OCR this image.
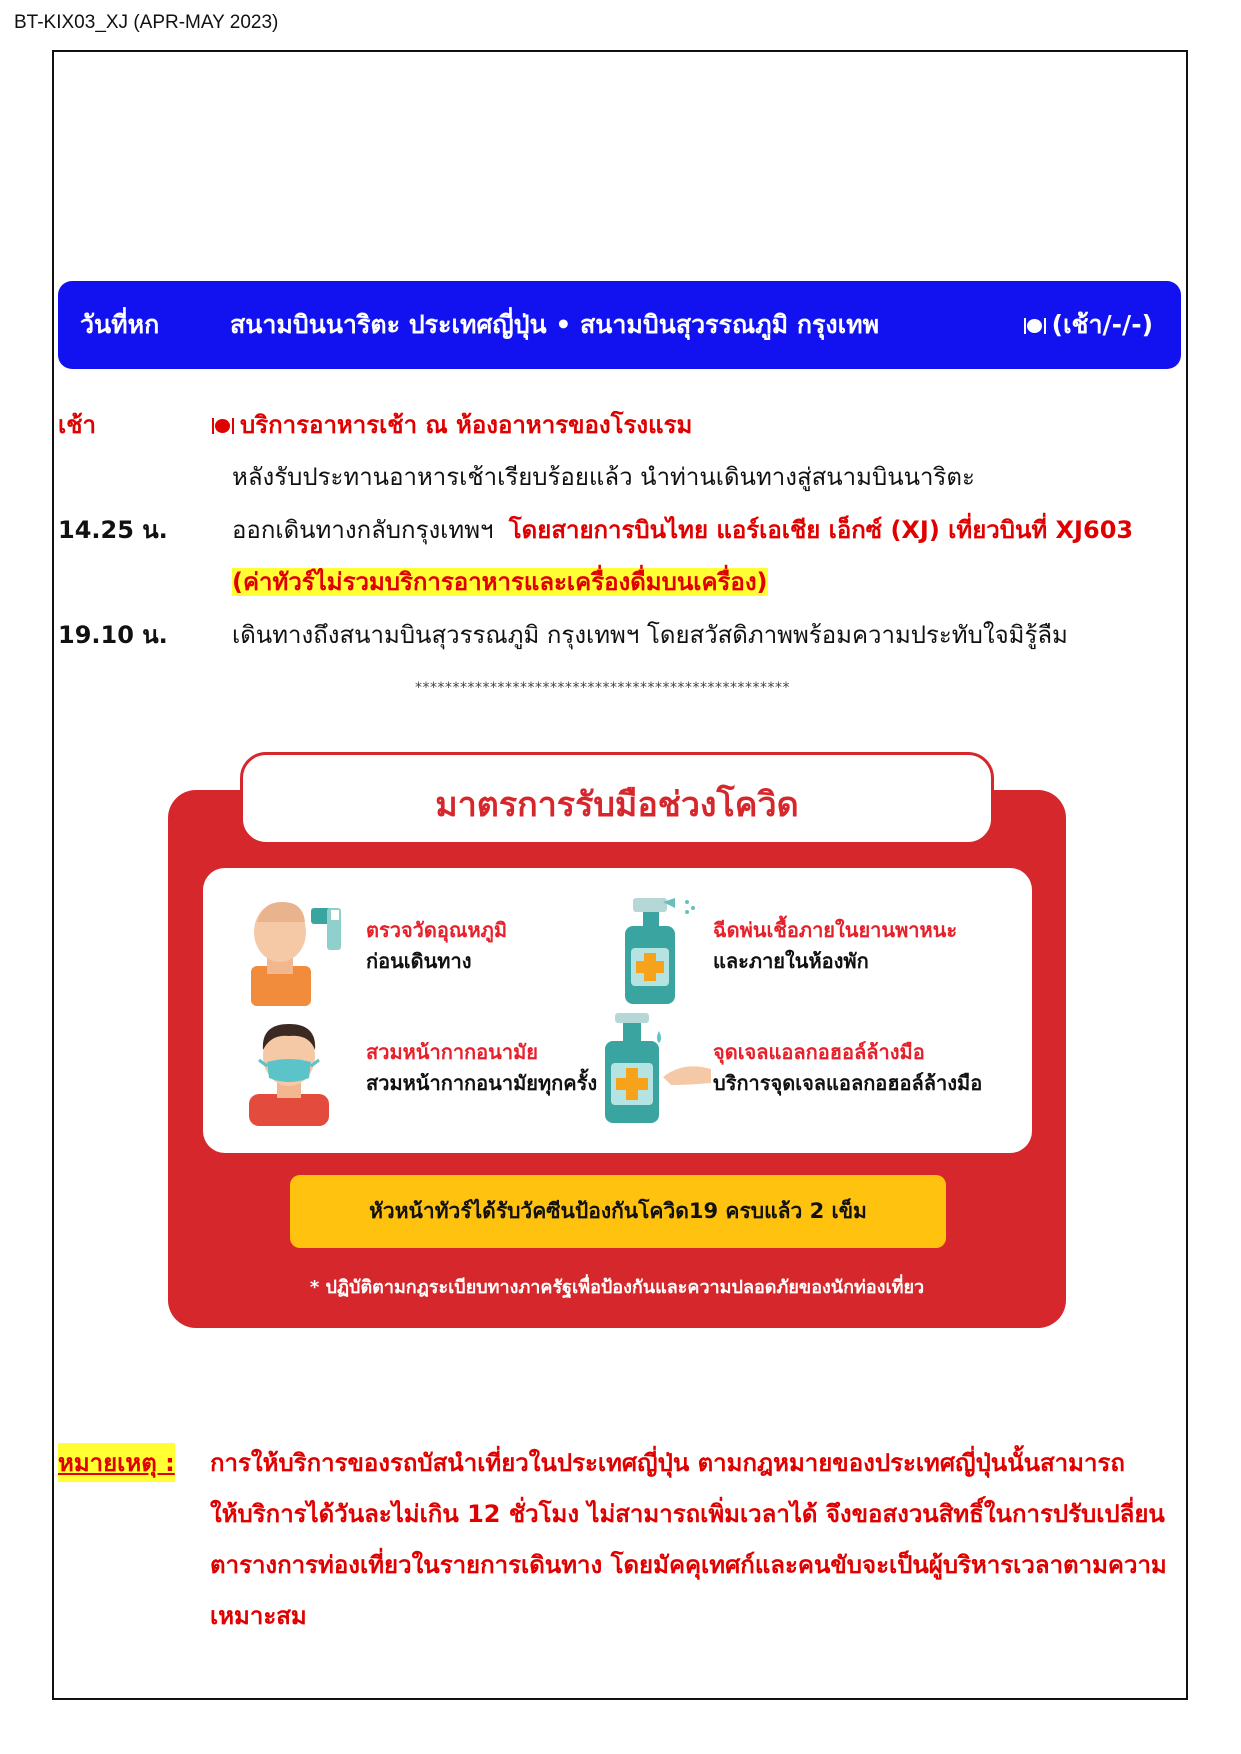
BT-KIX03_XJ (APR-MAY 2023)
วันที่หก	สนามบินนาริตะ ประเทศญี่ปุ่น • สนามบินสุวรรณภูมิ กรุงเทพ	(เช้า/-/-)
เช้า	บริการอาหารเช้า ณ ห้องอาหารของโรงแรม
หลังรับประทานอาหารเช้าเรียบร้อยแล้ว นำท่านเดินทางสู่สนามบินนาริตะ
14.25 น.	ออกเดินทางกลับกรุงเทพฯ โดยสายการบินไทย แอร์เอเชีย เอ็กซ์ (XJ) เที่ยวบินที่ XJ603
(ค่าทัวร์ไม่รวมบริการอาหารและเครื่องดื่มบนเครื่อง)
19.10 น.	เดินทางถึงสนามบินสุวรรณภูมิ กรุงเทพฯ โดยสวัสดิภาพพร้อมความประทับใจมิรู้ลืม
**************************************************
มาตรการรับมือช่วงโควิด
ตรวจวัดอุณหภูมิ
ก่อนเดินทาง
ฉีดพ่นเชื้อภายในยานพาหนะ
และภายในห้องพัก
สวมหน้ากากอนามัย
สวมหน้ากากอนามัยทุกครั้ง
จุดเจลแอลกอฮอล์ล้างมือ
บริการจุดเจลแอลกอฮอล์ล้างมือ
หัวหน้าทัวร์ได้รับวัคซีนป้องกันโควิด19 ครบแล้ว 2 เข็ม
* ปฏิบัติตามกฎระเบียบทางภาครัฐเพื่อป้องกันและความปลอดภัยของนักท่องเที่ยว
หมายเหตุ : การให้บริการของรถบัสนำเที่ยวในประเทศญี่ปุ่น ตามกฎหมายของประเทศญี่ปุ่นนั้นสามารถ
ให้บริการได้วันละไม่เกิน 12 ชั่วโมง ไม่สามารถเพิ่มเวลาได้ จึงขอสงวนสิทธิ์ในการปรับเปลี่ยน
ตารางการท่องเที่ยวในรายการเดินทาง โดยมัคคุเทศก์และคนขับจะเป็นผู้บริหารเวลาตามความ
เหมาะสม
